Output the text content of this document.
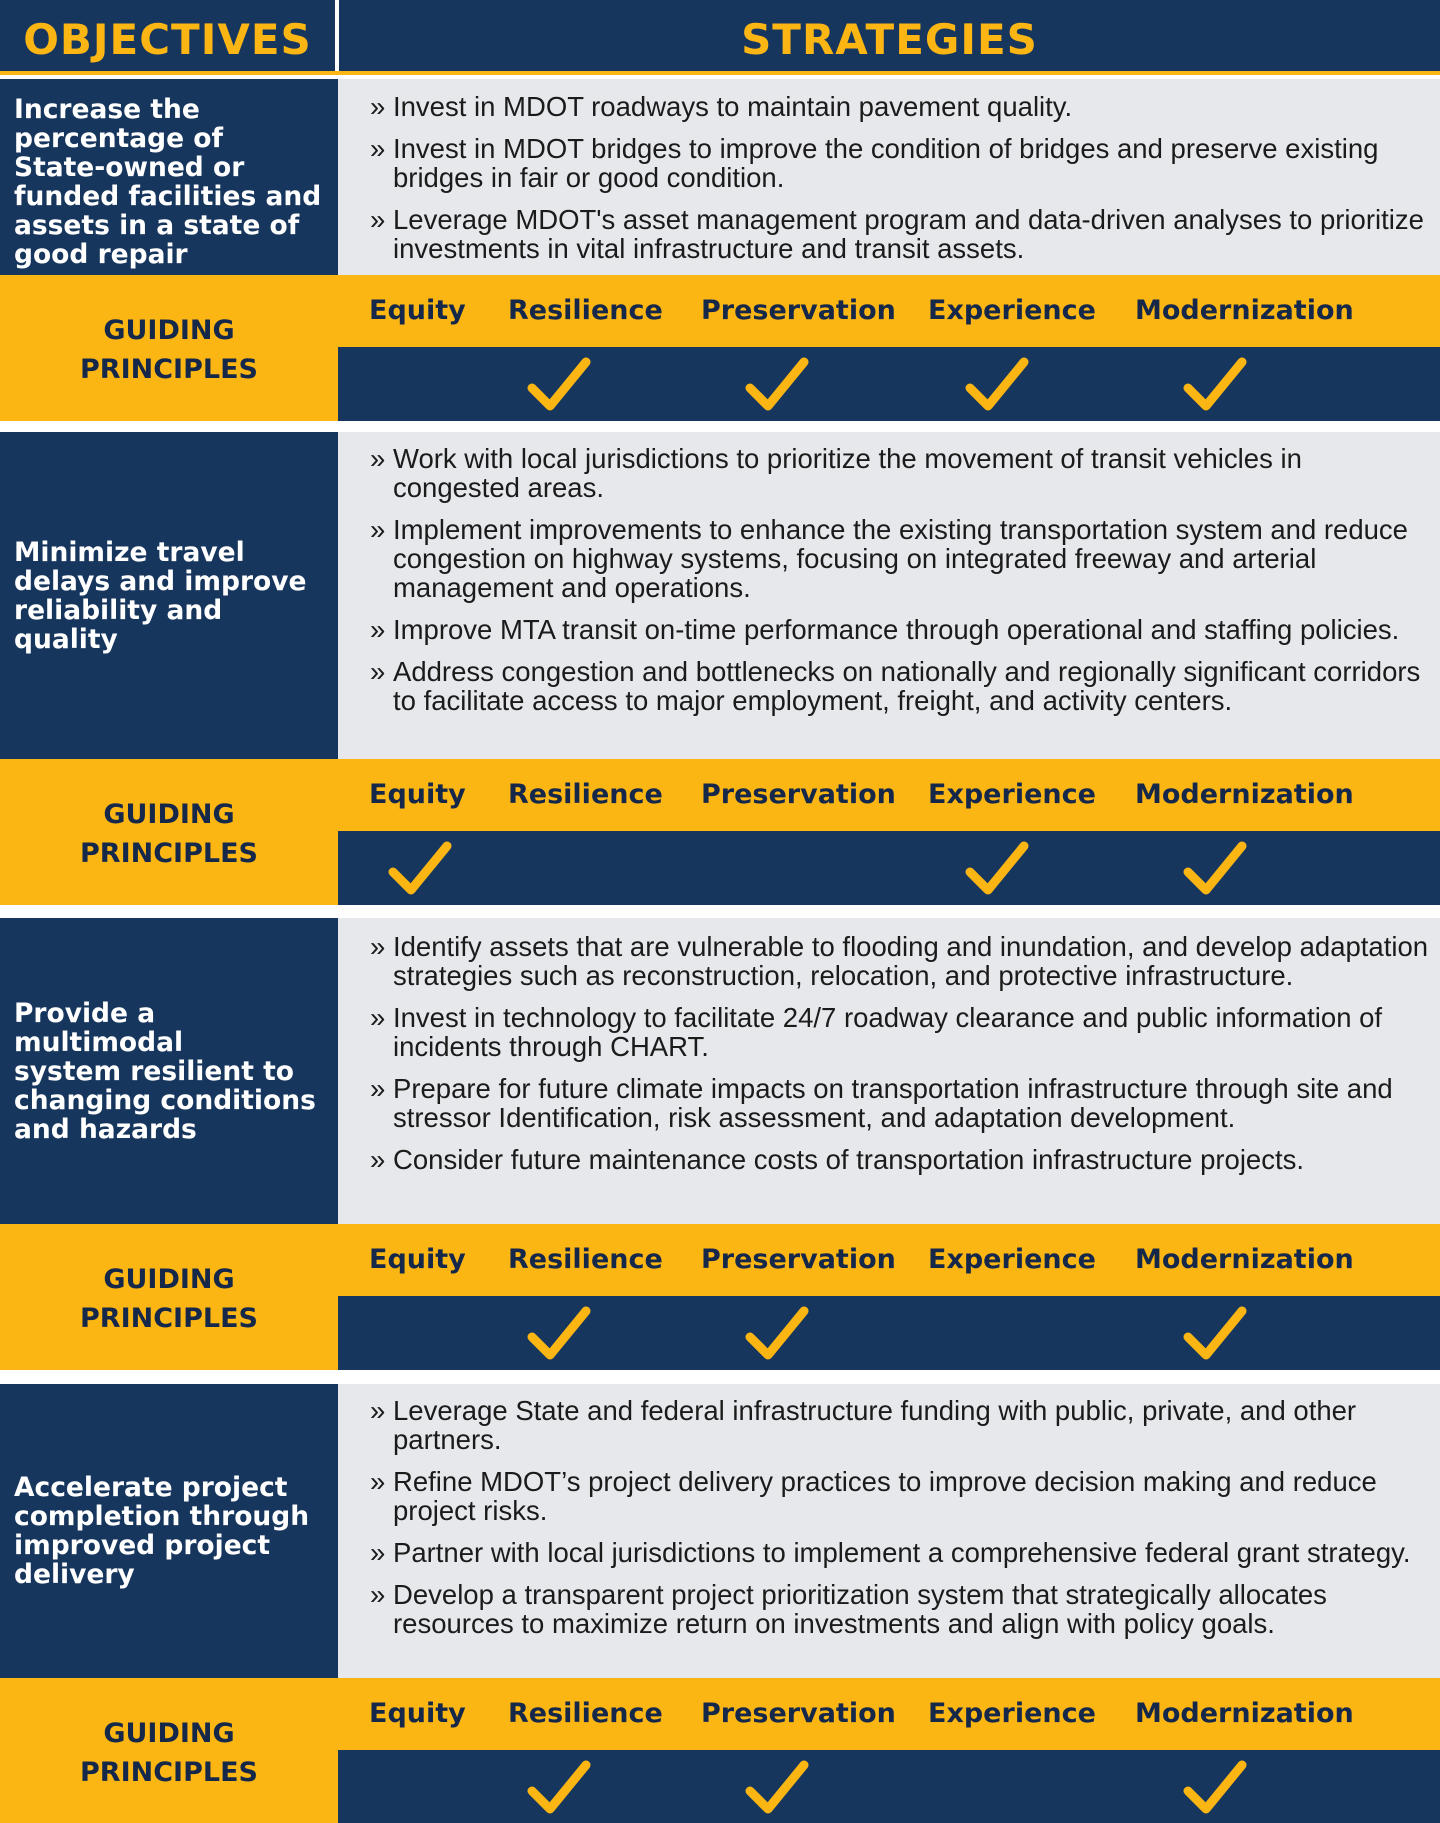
OBJECTIVES	STRATEGIES
Increase the
percentage of
State-owned or
funded facilities and
assets in a state of
good repair
» Invest in MDOT roadways to maintain pavement quality.
» Invest in MDOT bridges to improve the condition of bridges and preserve existing bridges in fair or good condition.
» Leverage MDOT's asset management program and data-driven analyses to prioritize investments in vital infrastructure and transit assets.
GUIDING
PRINCIPLES
Equity Resilience Preservation Experience Modernization
Minimize travel
delays and improve
reliability and
quality
» Work with local jurisdictions to prioritize the movement of transit vehicles in congested areas.
» Implement improvements to enhance the existing transportation system and reduce congestion on highway systems, focusing on integrated freeway and arterial management and operations.
» Improve MTA transit on-time performance through operational and staffing policies.
» Address congestion and bottlenecks on nationally and regionally significant corridors to facilitate access to major employment, freight, and activity centers.
GUIDING
PRINCIPLES
Equity Resilience Preservation Experience Modernization
Provide a
multimodal
system resilient to
changing conditions
and hazards
» Identify assets that are vulnerable to flooding and inundation, and develop adaptation strategies such as reconstruction, relocation, and protective infrastructure.
» Invest in technology to facilitate 24/7 roadway clearance and public information of incidents through CHART.
» Prepare for future climate impacts on transportation infrastructure through site and stressor Identification, risk assessment, and adaptation development.
» Consider future maintenance costs of transportation infrastructure projects.
GUIDING
PRINCIPLES
Equity Resilience Preservation Experience Modernization
Accelerate project
completion through
improved project
delivery
» Leverage State and federal infrastructure funding with public, private, and other partners.
» Refine MDOT’s project delivery practices to improve decision making and reduce project risks.
» Partner with local jurisdictions to implement a comprehensive federal grant strategy.
» Develop a transparent project prioritization system that strategically allocates resources to maximize return on investments and align with policy goals.
GUIDING
PRINCIPLES
Equity Resilience Preservation Experience Modernization
